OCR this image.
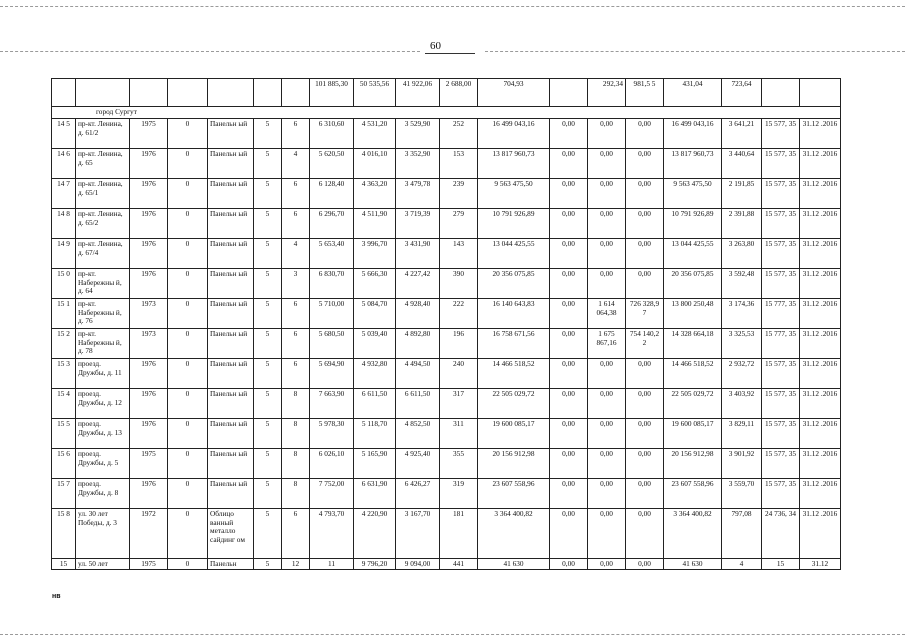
60
							101 885,30	50 535,56	41 922,06	2 688,00	704,93		292,34	981,5 5	431,04	723,64		
город Сургут																		
14 5	пр-кт. Ленина, д. 61/2	1975	0	Панельн ый	5	6	6 310,60	4 531,20	3 529,90	252	16 499 043,16	0,00	0,00	0,00	16 499 043,16	3 641,21	15 577, 35	31.12 .2016
14 6	пр-кт. Ленина, д. 65	1976	0	Панельн ый	5	4	5 620,50	4 016,10	3 352,90	153	13 817 960,73	0,00	0,00	0,00	13 817 960,73	3 440,64	15 577, 35	31.12 .2016
14 7	пр-кт. Ленина, д. 65/1	1976	0	Панельн ый	5	6	6 128,40	4 363,20	3 479,78	239	9 563 475,50	0,00	0,00	0,00	9 563 475,50	2 191,85	15 577, 35	31.12 .2016
14 8	пр-кт. Ленина, д. 65/2	1976	0	Панельн ый	5	6	6 296,70	4 511,90	3 719,39	279	10 791 926,89	0,00	0,00	0,00	10 791 926,89	2 391,88	15 577, 35	31.12 .2016
14 9	пр-кт. Ленина, д. 67/4	1976	0	Панельн ый	5	4	5 653,40	3 996,70	3 431,90	143	13 044 425,55	0,00	0,00	0,00	13 044 425,55	3 263,80	15 577, 35	31.12 .2016
15 0	пр-кт. Набережны й, д. 64	1976	0	Панельн ый	5	3	6 830,70	5 666,30	4 227,42	390	20 356 075,85	0,00	0,00	0,00	20 356 075,85	3 592,48	15 577, 35	31.12 .2016
15 1	пр-кт. Набережны й, д. 76	1973	0	Панельн ый	5	6	5 710,00	5 084,70	4 928,40	222	16 140 643,83	0,00	1 614 064,38	726 328,9 7	13 800 250,48	3 174,36	15 777, 35	31.12 .2016
15 2	пр-кт. Набережны й, д. 78	1973	0	Панельн ый	5	6	5 680,50	5 039,40	4 892,80	196	16 758 671,56	0,00	1 675 867,16	754 140,2 2	14 328 664,18	3 325,53	15 777, 35	31.12 .2016
15 3	проезд. Дружбы, д. 11	1976	0	Панельн ый	5	6	5 694,90	4 932,80	4 494,50	240	14 466 518,52	0,00	0,00	0,00	14 466 518,52	2 932,72	15 577, 35	31.12 .2016
15 4	проезд. Дружбы, д. 12	1976	0	Панельн ый	5	8	7 663,90	6 611,50	6 611,50	317	22 505 029,72	0,00	0,00	0,00	22 505 029,72	3 403,92	15 577, 35	31.12 .2016
15 5	проезд. Дружбы, д. 13	1976	0	Панельн ый	5	8	5 978,30	5 118,70	4 852,50	311	19 600 085,17	0,00	0,00	0,00	19 600 085,17	3 829,11	15 577, 35	31.12 .2016
15 6	проезд. Дружбы, д. 5	1975	0	Панельн ый	5	8	6 026,10	5 165,90	4 925,40	355	20 156 912,98	0,00	0,00	0,00	20 156 912,98	3 901,92	15 577, 35	31.12 .2016
15 7	проезд. Дружбы, д. 8	1976	0	Панельн ый	5	8	7 752,00	6 631,90	6 426,27	319	23 607 558,96	0,00	0,00	0,00	23 607 558,96	3 559,70	15 577, 35	31.12 .2016
15 8	ул. 30 лет Победы, д. 3	1972	0	Облицо ванный металло сайдинг ом	5	6	4 793,70	4 220,90	3 167,70	181	3 364 400,82	0,00	0,00	0,00	3 364 400,82	797,08	24 736, 34	31.12 .2016
15	ул. 50 лет	1975	0	Панельн	5	12	11	9 796,20	9 094,00	441	41 630	0,00	0,00	0,00	41 630	4	15	31.12
нв
